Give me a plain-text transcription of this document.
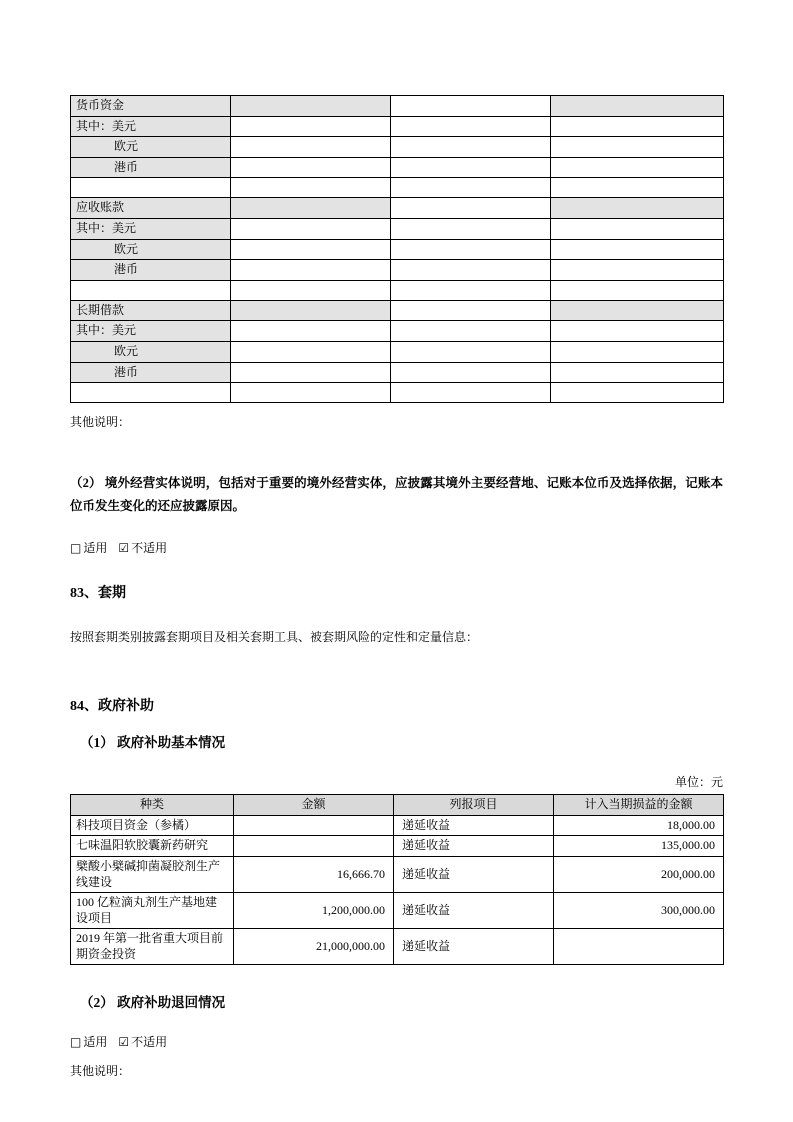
货币资金			
其中：美元			
欧元			
港币			

应收账款			
其中：美元			
欧元			
港币			

长期借款			
其中：美元			
欧元			
港币			

其他说明：

（2） 境外经营实体说明，包括对于重要的境外经营实体，应披露其境外主要经营地、记账本位币及选择依据，记账本位币发生变化的还应披露原因。

□ 适用 ☑ 不适用

83、套期

按照套期类别披露套期项目及相关套期工具、被套期风险的定性和定量信息：

84、政府补助
（1） 政府补助基本情况

单位：元

种类	金额	列报项目	计入当期损益的金额
科技项目资金（参橘）		递延收益	18,000.00
七味温阳软胶囊新药研究		递延收益	135,000.00
檗酸小檗碱抑菌凝胶剂生产线建设	16,666.70	递延收益	200,000.00
100 亿粒滴丸剂生产基地建设项目	1,200,000.00	递延收益	300,000.00
2019 年第一批省重大项目前期资金投资	21,000,000.00	递延收益	
（2） 政府补助退回情况

□ 适用 ☑ 不适用

其他说明：
